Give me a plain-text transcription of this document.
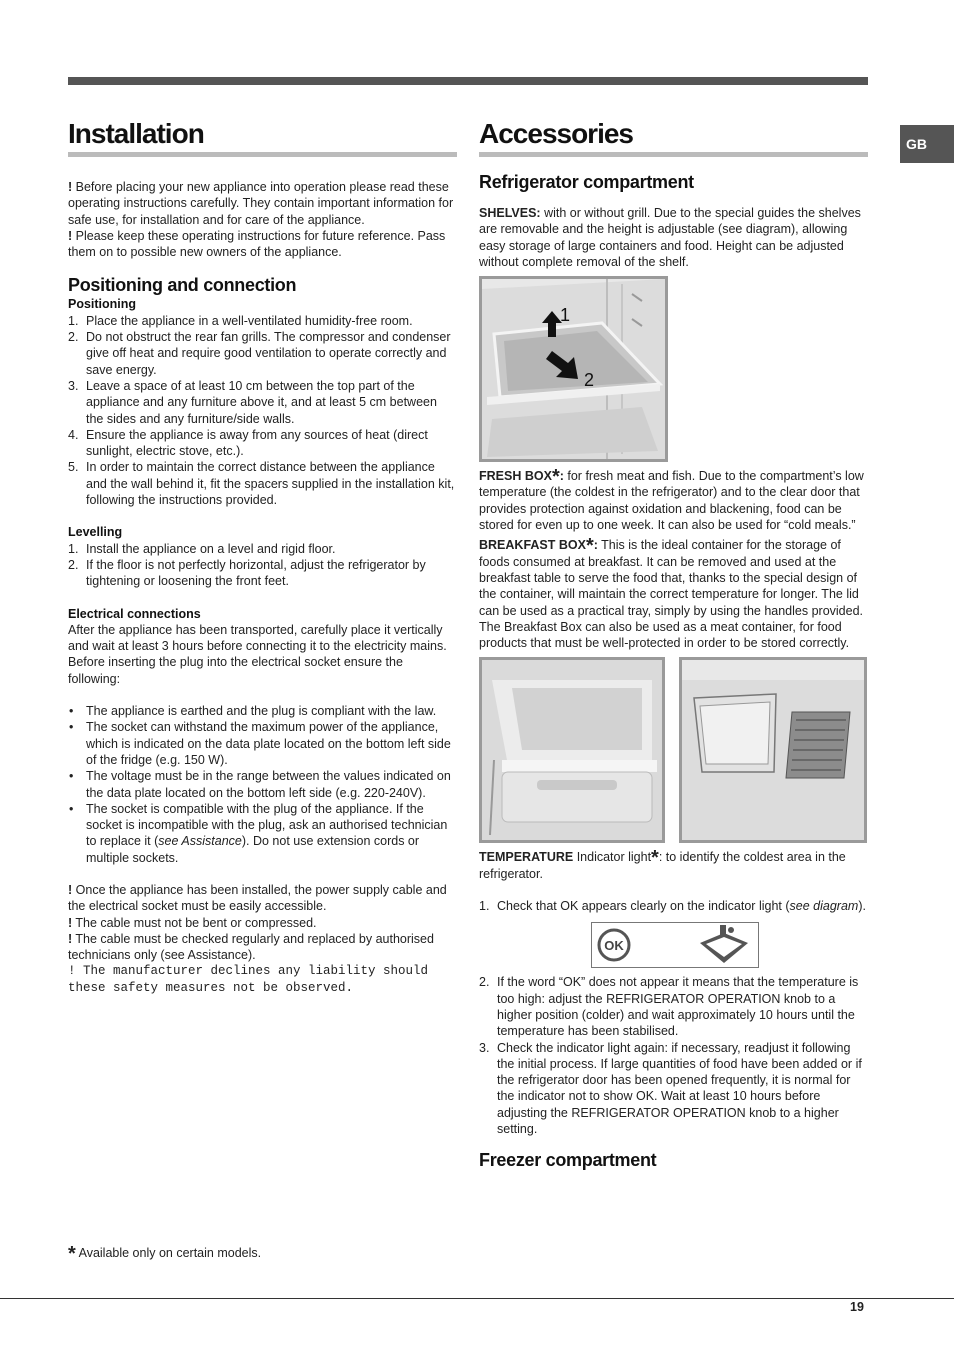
GB
Installation

! Before placing your new appliance into operation please read these operating instructions carefully. They contain important information for safe use, for installation and for care of the appliance.

! Please keep these operating instructions for future reference. Pass them on to possible new owners of the appliance.

Positioning and connection
Positioning
1. Place the appliance in a well-ventilated humidity-free room.
2. Do not obstruct the rear fan grills. The compressor and condenser give off heat and require good ventilation to operate correctly and save energy.
3. Leave a space of at least 10 cm between the top part of the appliance and any furniture above it, and at least 5 cm between the sides and any furniture/side walls.
4. Ensure the appliance is away from any sources of heat (direct sunlight, electric stove, etc.).
5. In order to maintain the correct distance between the appliance and the wall behind it, fit the spacers supplied in the installation kit, following the instructions provided.
Levelling
1. Install the appliance on a level and rigid floor.
2. If the floor is not perfectly horizontal, adjust the refrigerator by tightening or loosening the front feet.
Electrical connections

After the appliance has been transported, carefully place it vertically and wait at least 3 hours before connecting it to the electricity mains. Before inserting the plug into the electrical socket ensure the following:

• The appliance is earthed and the plug is compliant with the law.
• The socket can withstand the maximum power of the appliance, which is indicated on the data plate located on the bottom left side of the fridge (e.g. 150 W).
• The voltage must be in the range between the values indicated on the data plate located on the bottom left side (e.g. 220-240V).
• The socket is compatible with the plug of the appliance. If the socket is incompatible with the plug, ask an authorised technician to replace it (see Assistance). Do not use extension cords or multiple sockets.

! Once the appliance has been installed, the power supply cable and the electrical socket must be easily accessible.

! The cable must not be bent or compressed.

! The cable must be checked regularly and replaced by authorised technicians only (see Assistance).

! The manufacturer declines any liability should these safety measures not be observed.

Accessories
Refrigerator compartment

SHELVES: with or without grill. Due to the special guides the shelves are removable and the height is adjustable (see diagram), allowing easy storage of large containers and food. Height can be adjusted without complete removal of the shelf.

1
2

FRESH BOX*: for fresh meat and fish. Due to the compartment’s low temperature (the coldest in the refrigerator) and to the clear door that provides protection against oxidation and blackening, food can be stored for even up to one week. It can also be used for “cold meals.”

BREAKFAST BOX*: This is the ideal container for the storage of foods consumed at breakfast. It can be removed and used at the breakfast table to serve the food that, thanks to the special design of the container, will maintain the correct temperature for longer. The lid can be used as a practical tray, simply by using the handles provided. The Breakfast Box can also be used as a meat container, for food products that must be well-protected in order to be stored correctly.

TEMPERATURE Indicator light*: to identify the coldest area in the refrigerator.

1. Check that OK appears clearly on the indicator light (see diagram).
OK
2. If the word “OK” does not appear it means that the temperature is too high: adjust the REFRIGERATOR OPERATION knob to a higher position (colder) and wait approximately 10 hours until the temperature has been stabilised.
3. Check the indicator light again: if necessary, readjust it following the initial process. If large quantities of food have been added or if the refrigerator door has been opened frequently, it is normal for the indicator not to show OK. Wait at least 10 hours before adjusting the REFRIGERATOR OPERATION knob to a higher setting.
Freezer compartment
* Available only on certain models.
19
